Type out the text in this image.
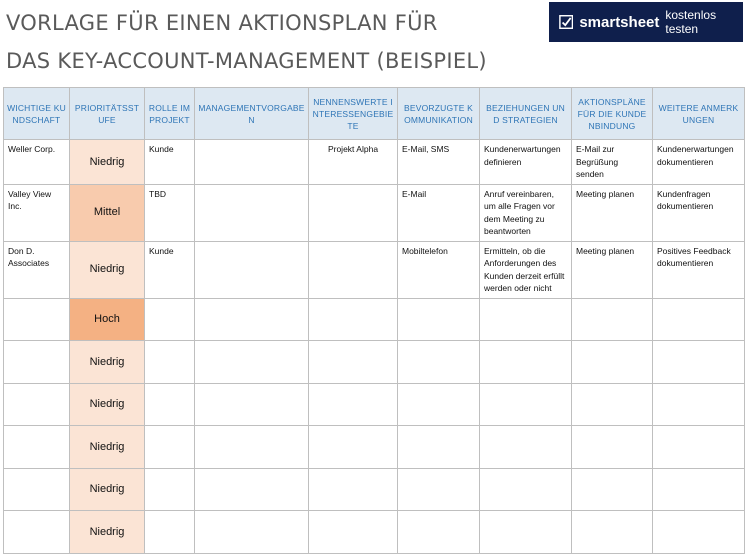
VORLAGE FÜR EINEN AKTIONSPLAN FÜR
DAS KEY-ACCOUNT-MANAGEMENT (BEISPIEL)
smartsheet kostenlos testen
WICHTIGE KUNDSCHAFT	PRIORITÄTSSTUFE	ROLLE IM PROJEKT	MANAGEMENTVORGABEN	NENNENSWERTE INTERESSENGEBIETE	BEVORZUGTE KOMMUNIKATION	BEZIEHUNGEN UND STRATEGIEN	AKTIONSPLÄNE FÜR DIE KUNDENBINDUNG	WEITERE ANMERKUNGEN
Weller Corp.	Niedrig	Kunde		Projekt Alpha	E-Mail, SMS	Kundenerwartungen definieren	E-Mail zur Begrüßung senden	Kundenerwartungen dokumentieren
Valley View Inc.	Mittel	TBD			E-Mail	Anruf vereinbaren, um alle Fragen vor dem Meeting zu beantworten	Meeting planen	Kundenfragen dokumentieren
Don D. Associates	Niedrig	Kunde			Mobiltelefon	Ermitteln, ob die Anforderungen des Kunden derzeit erfüllt werden oder nicht	Meeting planen	Positives Feedback dokumentieren
	Hoch							
	Niedrig							
	Niedrig							
	Niedrig							
	Niedrig							
	Niedrig							
